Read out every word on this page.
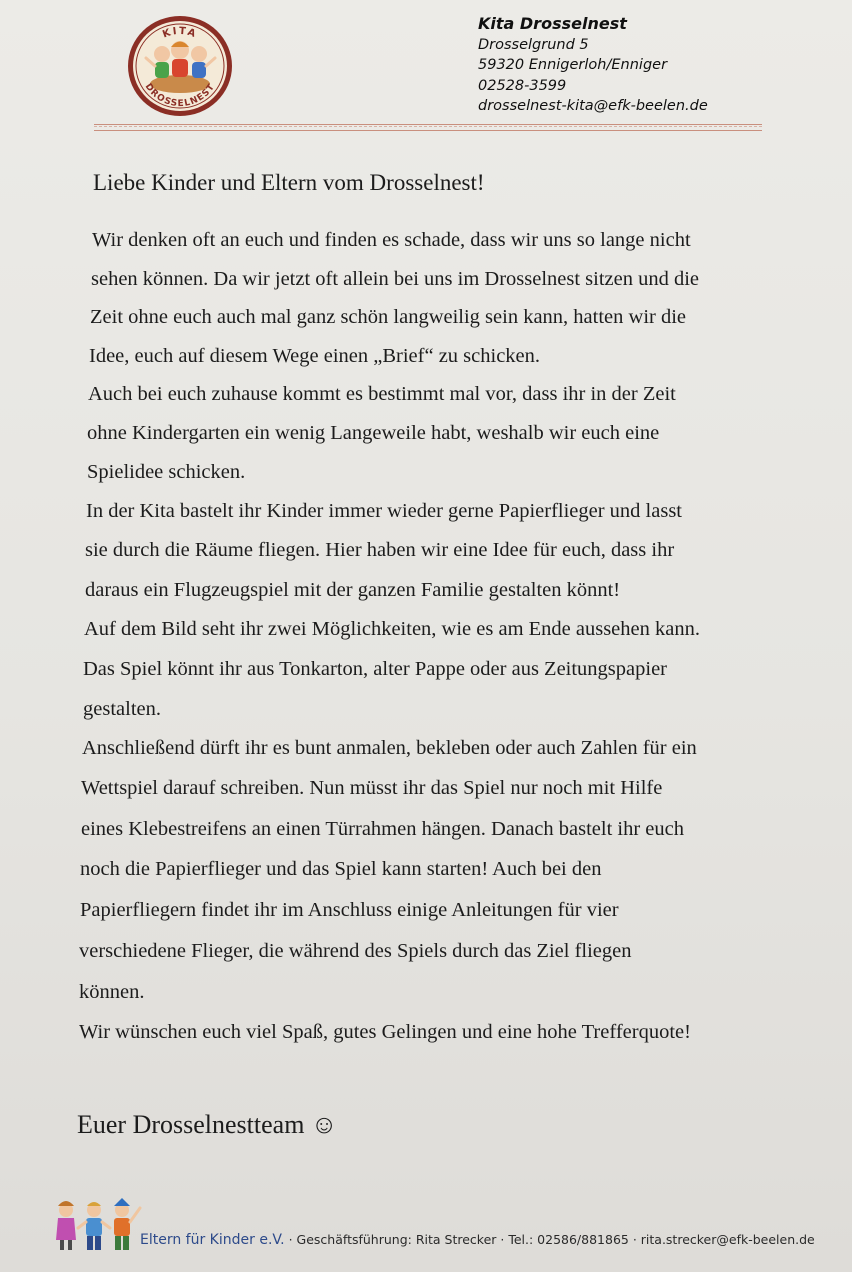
KITA
DROSSELNEST
Kita Drosselnest
Drosselgrund 5
59320 Ennigerloh/Enniger
02528-3599
drosselnest-kita@efk-beelen.de
Liebe Kinder und Eltern vom Drosselnest!
Wir denken oft an euch und finden es schade, dass wir uns so lange nicht
sehen können. Da wir jetzt oft allein bei uns im Drosselnest sitzen und die
Zeit ohne euch auch mal ganz schön langweilig sein kann, hatten wir die
Idee, euch auf diesem Wege einen „Brief“ zu schicken.
Auch bei euch zuhause kommt es bestimmt mal vor, dass ihr in der Zeit
ohne Kindergarten ein wenig Langeweile habt, weshalb wir euch eine
Spielidee schicken.
In der Kita bastelt ihr Kinder immer wieder gerne Papierflieger und lasst
sie durch die Räume fliegen. Hier haben wir eine Idee für euch, dass ihr
daraus ein Flugzeugspiel mit der ganzen Familie gestalten könnt!
Auf dem Bild seht ihr zwei Möglichkeiten, wie es am Ende aussehen kann.
Das Spiel könnt ihr aus Tonkarton, alter Pappe oder aus Zeitungspapier
gestalten.
Anschließend dürft ihr es bunt anmalen, bekleben oder auch Zahlen für ein
Wettspiel darauf schreiben. Nun müsst ihr das Spiel nur noch mit Hilfe
eines Klebestreifens an einen Türrahmen hängen. Danach bastelt ihr euch
noch die Papierflieger und das Spiel kann starten! Auch bei den
Papierfliegern findet ihr im Anschluss einige Anleitungen für vier
verschiedene Flieger, die während des Spiels durch das Ziel fliegen
können.
Wir wünschen euch viel Spaß, gutes Gelingen und eine hohe Trefferquote!
Euer Drosselnestteam ☺
Eltern für Kinder e.V. · Geschäftsführung: Rita Strecker · Tel.: 02586/881865 · rita.strecker@efk-beelen.de
